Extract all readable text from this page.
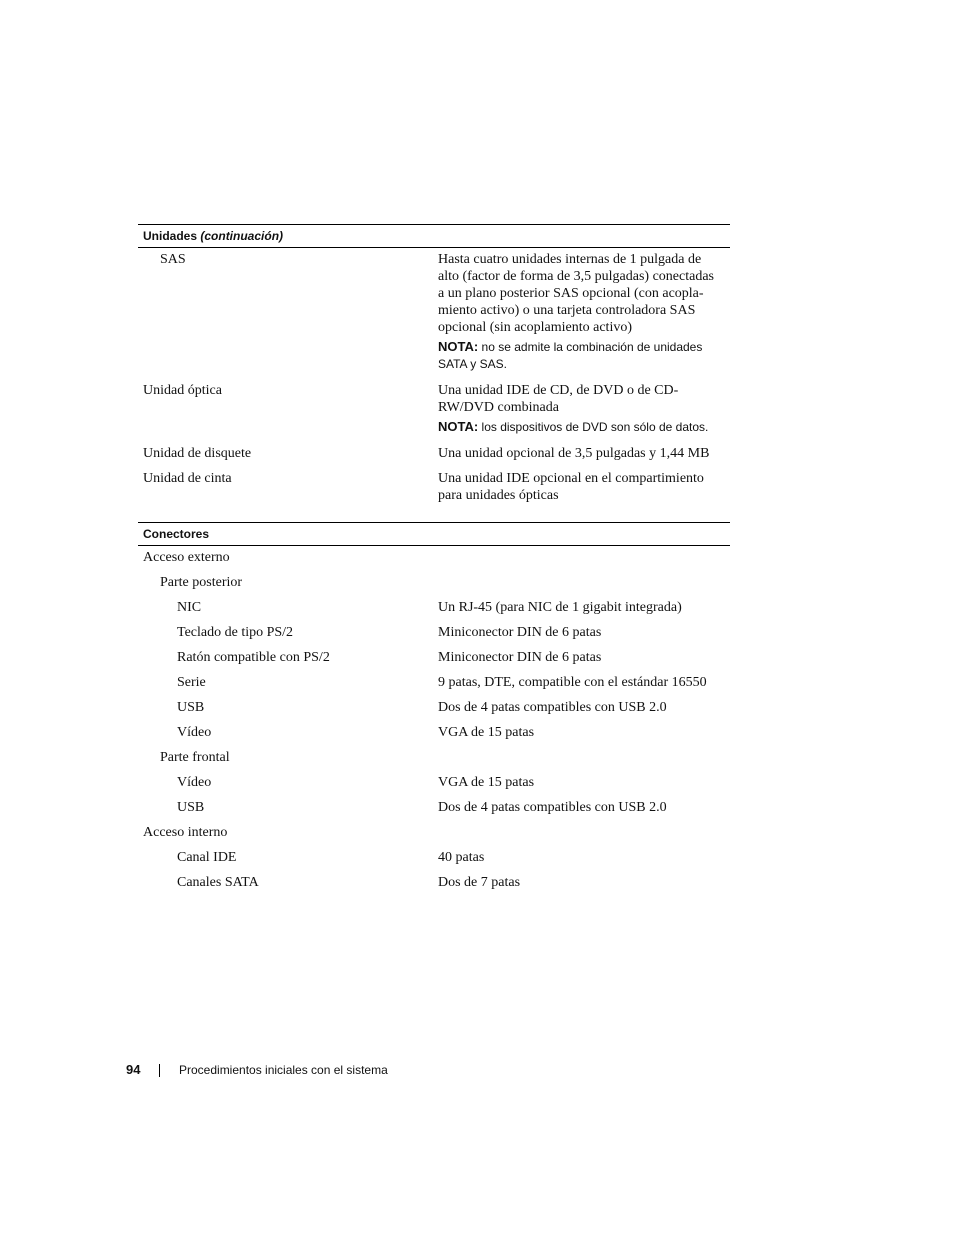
Unidades (continuación)
SAS	Hasta cuatro unidades internas de 1 pulgada de alto (factor de forma de 3,5 pulgadas) conectadas a un plano posterior SAS opcional (con acopla-miento activo) o una tarjeta controladora SAS opcional (sin acoplamiento activo)
NOTA: no se admite la combinación de unidades SATA y SAS.
Unidad óptica	Una unidad IDE de CD, de DVD o de CD-RW/DVD combinada
NOTA: los dispositivos de DVD son sólo de datos.
Unidad de disquete	Una unidad opcional de 3,5 pulgadas y 1,44 MB
Unidad de cinta	Una unidad IDE opcional en el compartimiento para unidades ópticas
Conectores
Acceso externo
Parte posterior
NIC	Un RJ-45 (para NIC de 1 gigabit integrada)
Teclado de tipo PS/2	Miniconector DIN de 6 patas
Ratón compatible con PS/2	Miniconector DIN de 6 patas
Serie	9 patas, DTE, compatible con el estándar 16550
USB	Dos de 4 patas compatibles con USB 2.0
Vídeo	VGA de 15 patas
Parte frontal
Vídeo	VGA de 15 patas
USB	Dos de 4 patas compatibles con USB 2.0
Acceso interno
Canal IDE	40 patas
Canales SATA	Dos de 7 patas
94	Procedimientos iniciales con el sistema
